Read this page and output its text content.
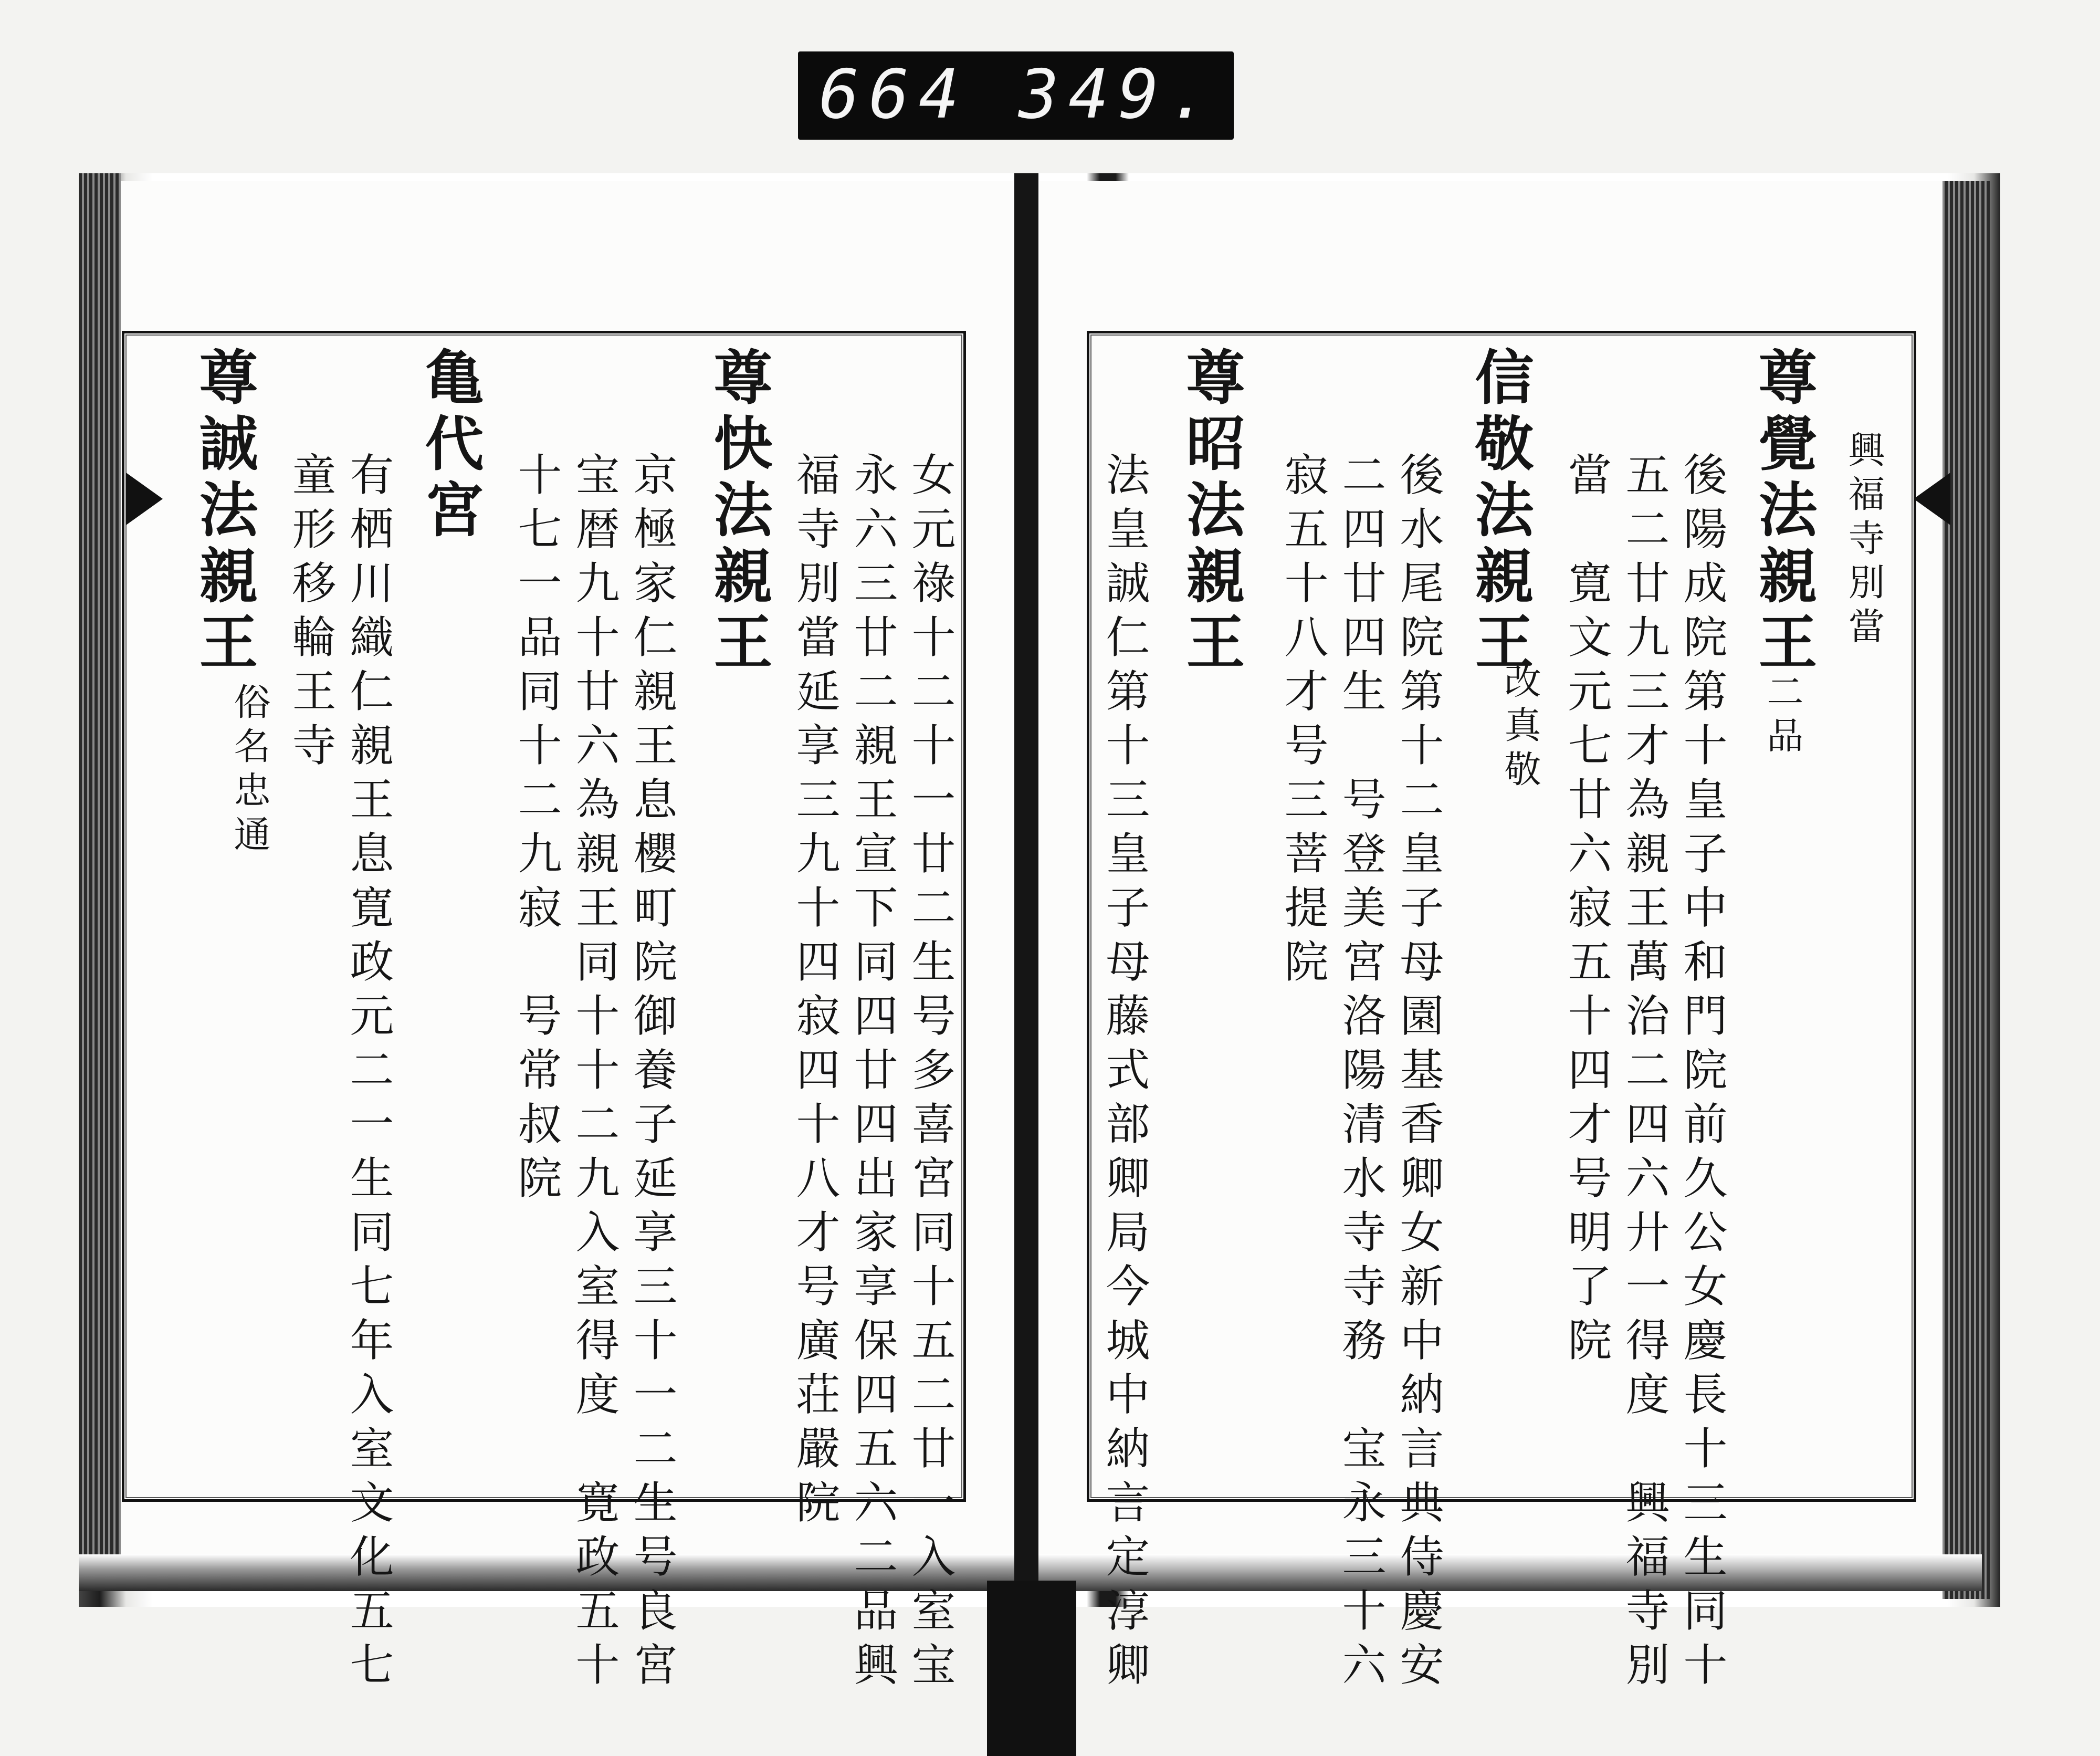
664 349.
興福寺別當
尊覺法親王
二品
後陽成院第十皇子中和門院前久公女慶長十三生同十
五二廿九三才為親王萬治二四六廾一得度　興福寺別
當　寛文元七廿六寂五十四才号明了院
信敬法親王
改真敬
後水尾院第十二皇子母園基香卿女新中納言典侍慶安
二四廿四生　号登美宮洛陽清水寺寺務　宝永三十六
寂五十八才号三菩提院
尊昭法親王
法皇誠仁第十三皇子母藤式部卿局今城中納言定淳卿
女元祿十二十一廿二生号多喜宮同十五二廿一入室宝
永六三廿二親王宣下同四廿四出家享保四五六二品興
福寺別當延享三九十四寂四十八才号廣荘嚴院
尊快法親王
京極家仁親王息櫻町院御養子延享三十一二生号良宮
宝暦九十廿六為親王同十十二九入室得度　寛政五十
十七一品同十二九寂　号常叔院
亀代宮
有栖川織仁親王息寛政元二一生同七年入室文化五七
童形移輪王寺
尊誠法親王
俗名忠通
